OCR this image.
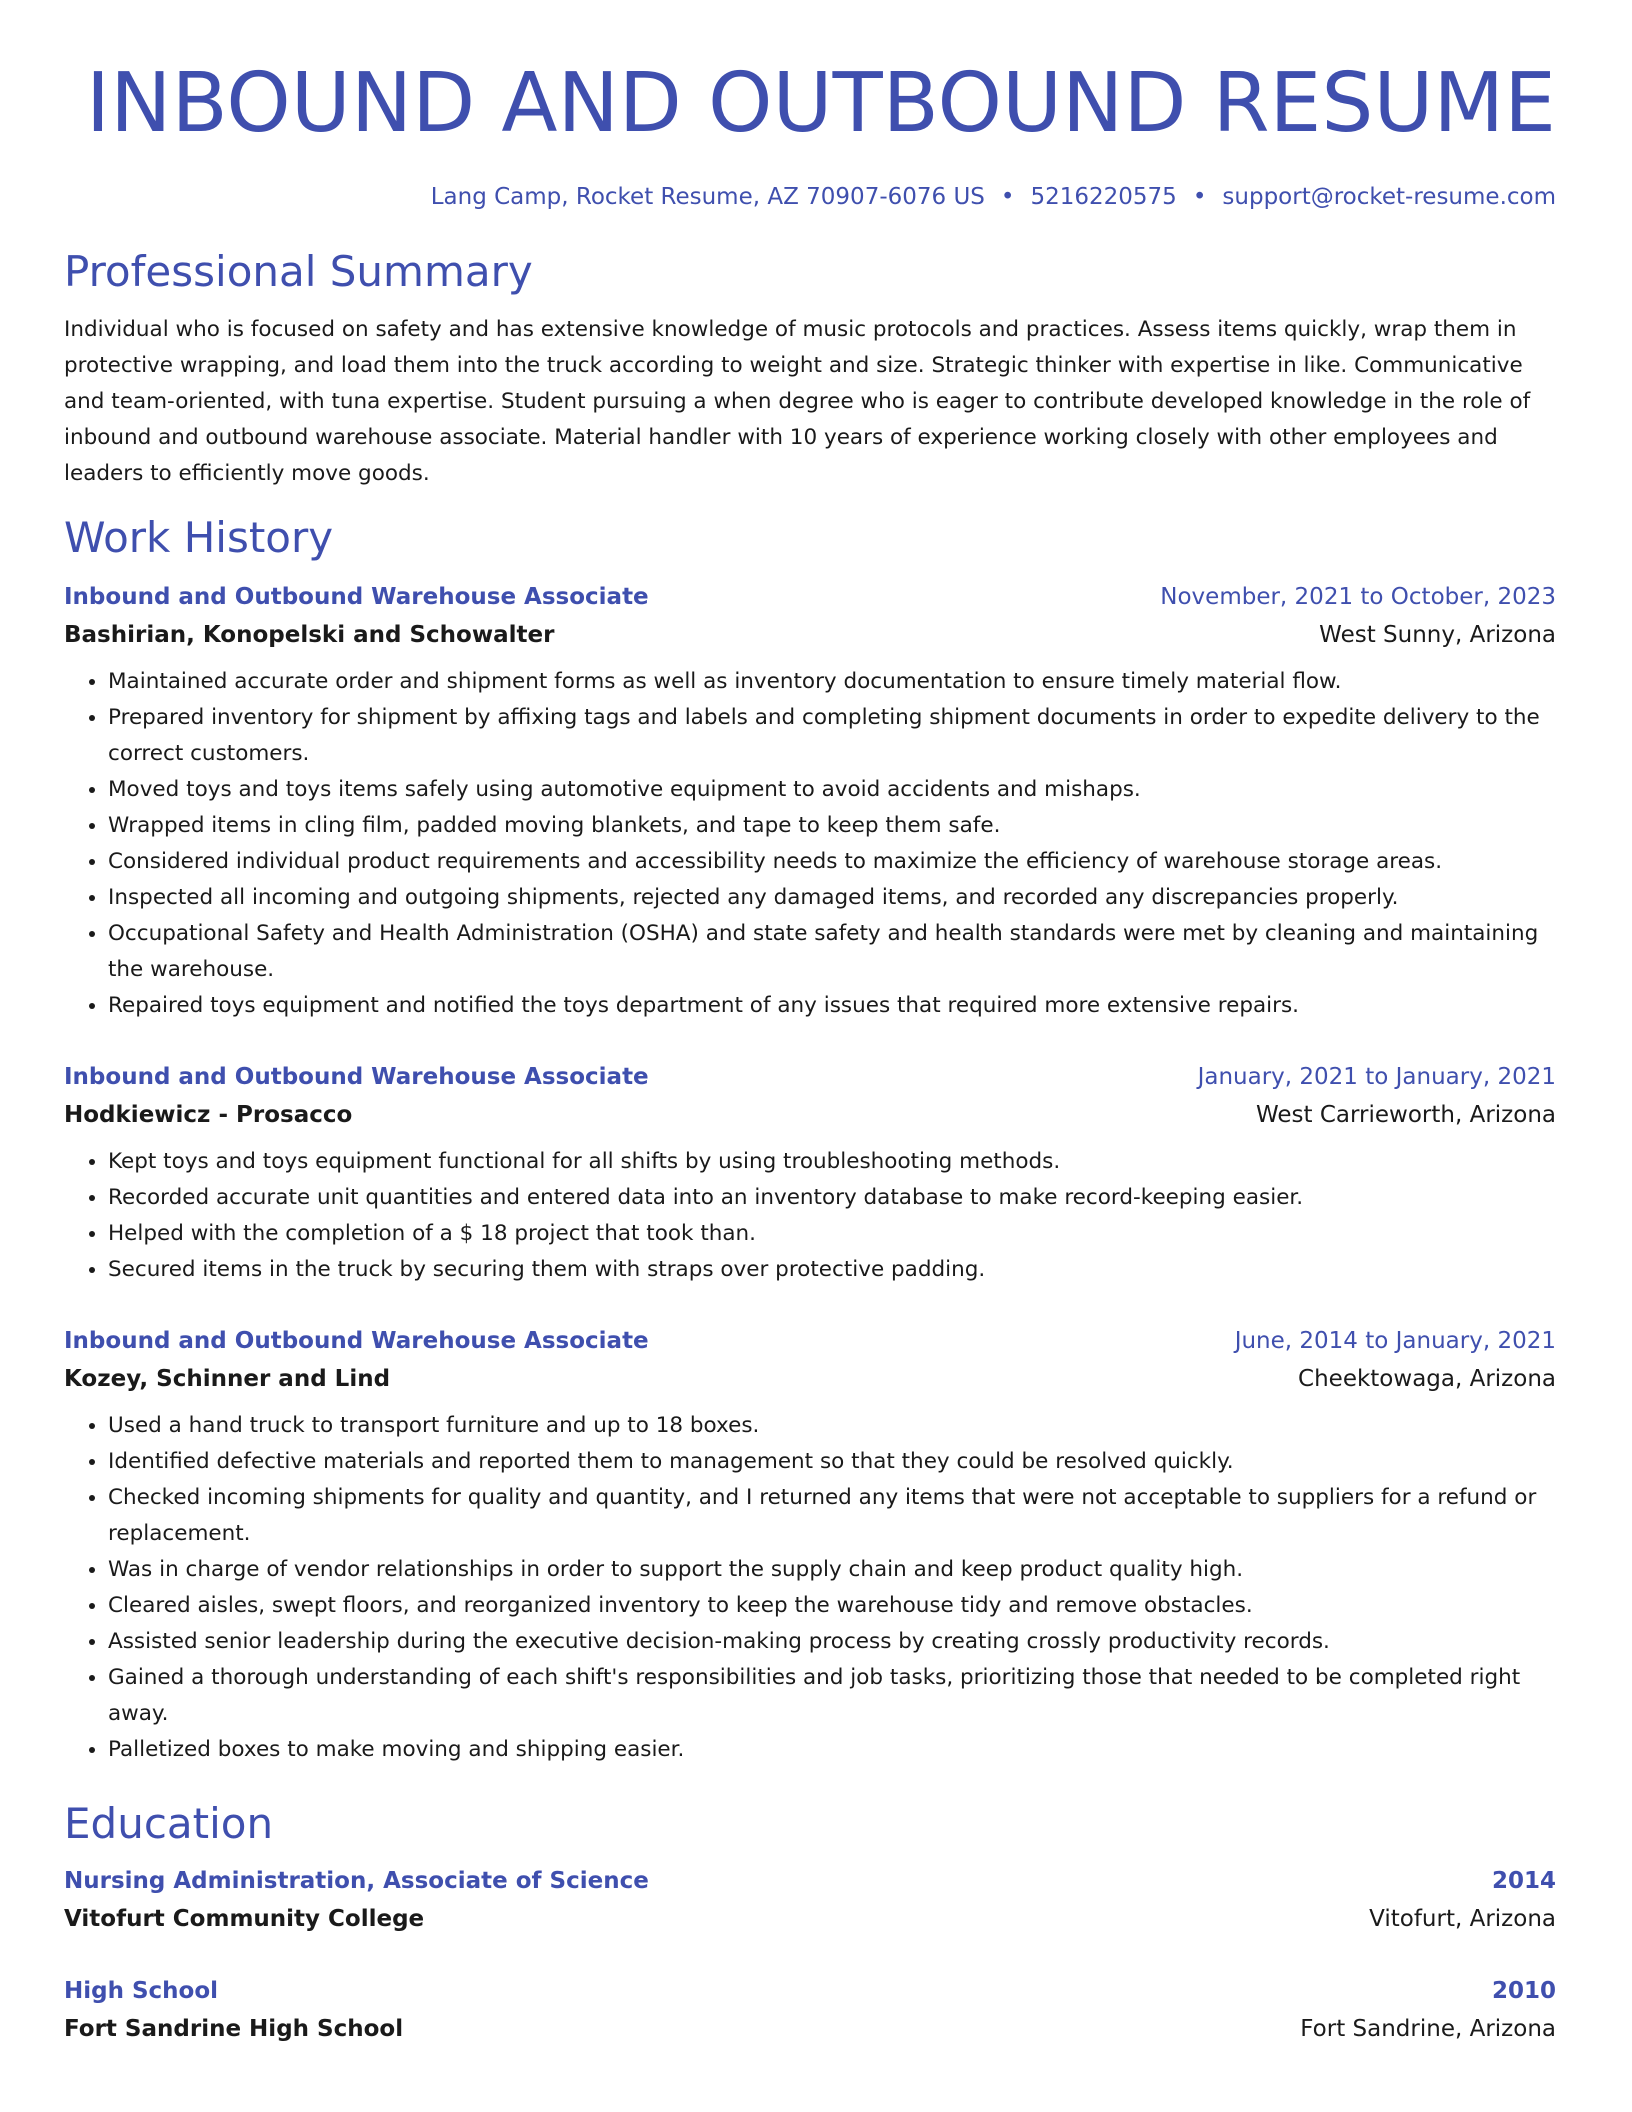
INBOUND AND OUTBOUND RESUME
Lang Camp, Rocket Resume, AZ 70907-6076 US • 5216220575 • support@rocket-resume.com
Professional Summary
Individual who is focused on safety and has extensive knowledge of music protocols and practices. Assess items quickly, wrap them in protective wrapping, and load them into the truck according to weight and size. Strategic thinker with expertise in like. Communicative and team-oriented, with tuna expertise. Student pursuing a when degree who is eager to contribute developed knowledge in the role of inbound and outbound warehouse associate. Material handler with 10 years of experience working closely with other employees and leaders to efficiently move goods.
Work History
Inbound and Outbound Warehouse Associate	November, 2021 to October, 2023
Bashirian, Konopelski and Schowalter	West Sunny, Arizona
• Maintained accurate order and shipment forms as well as inventory documentation to ensure timely material flow.
• Prepared inventory for shipment by affixing tags and labels and completing shipment documents in order to expedite delivery to the correct customers.
• Moved toys and toys items safely using automotive equipment to avoid accidents and mishaps.
• Wrapped items in cling film, padded moving blankets, and tape to keep them safe.
• Considered individual product requirements and accessibility needs to maximize the efficiency of warehouse storage areas.
• Inspected all incoming and outgoing shipments, rejected any damaged items, and recorded any discrepancies properly.
• Occupational Safety and Health Administration (OSHA) and state safety and health standards were met by cleaning and maintaining the warehouse.
• Repaired toys equipment and notified the toys department of any issues that required more extensive repairs.
Inbound and Outbound Warehouse Associate	January, 2021 to January, 2021
Hodkiewicz - Prosacco	West Carrieworth, Arizona
• Kept toys and toys equipment functional for all shifts by using troubleshooting methods.
• Recorded accurate unit quantities and entered data into an inventory database to make record-keeping easier.
• Helped with the completion of a $ 18 project that took than.
• Secured items in the truck by securing them with straps over protective padding.
Inbound and Outbound Warehouse Associate	June, 2014 to January, 2021
Kozey, Schinner and Lind	Cheektowaga, Arizona
• Used a hand truck to transport furniture and up to 18 boxes.
• Identified defective materials and reported them to management so that they could be resolved quickly.
• Checked incoming shipments for quality and quantity, and I returned any items that were not acceptable to suppliers for a refund or replacement.
• Was in charge of vendor relationships in order to support the supply chain and keep product quality high.
• Cleared aisles, swept floors, and reorganized inventory to keep the warehouse tidy and remove obstacles.
• Assisted senior leadership during the executive decision-making process by creating crossly productivity records.
• Gained a thorough understanding of each shift's responsibilities and job tasks, prioritizing those that needed to be completed right away.
• Palletized boxes to make moving and shipping easier.
Education
Nursing Administration, Associate of Science	2014
Vitofurt Community College	Vitofurt, Arizona
High School	2010
Fort Sandrine High School	Fort Sandrine, Arizona
